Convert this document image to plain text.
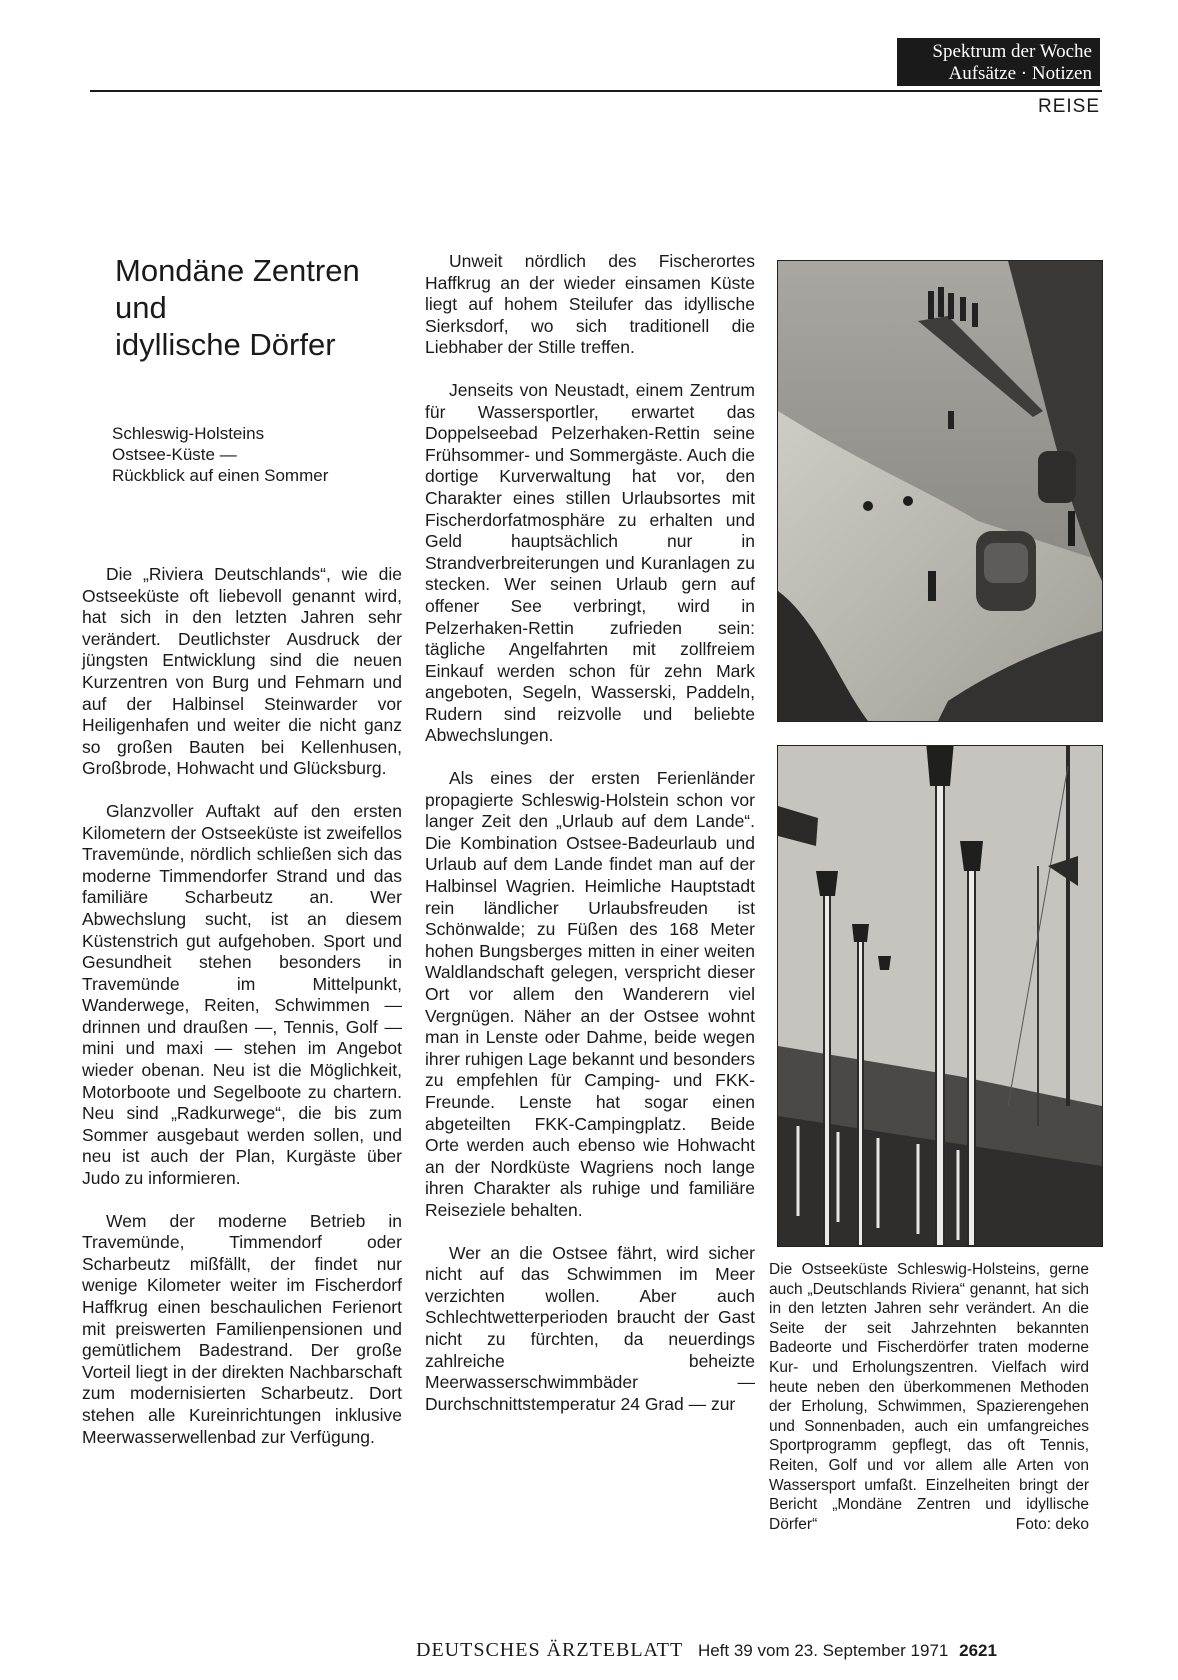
Spektrum der Woche
Aufsätze · Notizen
REISE
Mondäne Zentren
und
idyllische Dörfer
Schleswig-Holsteins
Ostsee-Küste —
Rückblick auf einen Sommer

Die „Riviera Deutschlands“, wie die Ostseeküste oft liebevoll genannt wird, hat sich in den letzten Jahren sehr verändert. Deutlichster Ausdruck der jüngsten Entwicklung sind die neuen Kurzentren von Burg und Fehmarn und auf der Halbinsel Steinwarder vor Heiligenhafen und weiter die nicht ganz so großen Bauten bei Kellenhusen, Großbrode, Hohwacht und Glücksburg.

Glanzvoller Auftakt auf den ersten Kilometern der Ostseeküste ist zweifellos Travemünde, nördlich schließen sich das moderne Timmendorfer Strand und das familiäre Scharbeutz an. Wer Abwechslung sucht, ist an diesem Küstenstrich gut aufgehoben. Sport und Gesundheit stehen besonders in Travemünde im Mittelpunkt, Wanderwege, Reiten, Schwimmen — drinnen und draußen —, Tennis, Golf — mini und maxi — stehen im Angebot wieder obenan. Neu ist die Möglichkeit, Motorboote und Segelboote zu chartern. Neu sind „Radkurwege“, die bis zum Sommer ausgebaut werden sollen, und neu ist auch der Plan, Kurgäste über Judo zu informieren.

Wem der moderne Betrieb in Travemünde, Timmendorf oder Scharbeutz mißfällt, der findet nur wenige Kilometer weiter im Fischerdorf Haffkrug einen beschaulichen Ferienort mit preiswerten Familienpensionen und gemütlichem Badestrand. Der große Vorteil liegt in der direkten Nachbarschaft zum modernisierten Scharbeutz. Dort stehen alle Kureinrichtungen inklusive Meerwasserwellenbad zur Verfügung.

Unweit nördlich des Fischerortes Haffkrug an der wieder einsamen Küste liegt auf hohem Steilufer das idyllische Sierksdorf, wo sich traditionell die Liebhaber der Stille treffen.

Jenseits von Neustadt, einem Zentrum für Wassersportler, erwartet das Doppelseebad Pelzerhaken-Rettin seine Frühsommer- und Sommergäste. Auch die dortige Kurverwaltung hat vor, den Charakter eines stillen Urlaubsortes mit Fischerdorfatmosphäre zu erhalten und Geld hauptsächlich nur in Strandverbreiterungen und Kuranlagen zu stecken. Wer seinen Urlaub gern auf offener See verbringt, wird in Pelzerhaken-Rettin zufrieden sein: tägliche Angelfahrten mit zollfreiem Einkauf werden schon für zehn Mark angeboten, Segeln, Wasserski, Paddeln, Rudern sind reizvolle und beliebte Abwechslungen.

Als eines der ersten Ferienländer propagierte Schleswig-Holstein schon vor langer Zeit den „Urlaub auf dem Lande“. Die Kombination Ostsee-Badeurlaub und Urlaub auf dem Lande findet man auf der Halbinsel Wagrien. Heimliche Hauptstadt rein ländlicher Urlaubsfreuden ist Schönwalde; zu Füßen des 168 Meter hohen Bungsberges mitten in einer weiten Waldlandschaft gelegen, verspricht dieser Ort vor allem den Wanderern viel Vergnügen. Näher an der Ostsee wohnt man in Lenste oder Dahme, beide wegen ihrer ruhigen Lage bekannt und besonders zu empfehlen für Camping- und FKK-Freunde. Lenste hat sogar einen abgeteilten FKK-Campingplatz. Beide Orte werden auch ebenso wie Hohwacht an der Nordküste Wagriens noch lange ihren Charakter als ruhige und familiäre Reiseziele behalten.

Wer an die Ostsee fährt, wird sicher nicht auf das Schwimmen im Meer verzichten wollen. Aber auch Schlechtwetterperioden braucht der Gast nicht zu fürchten, da neuerdings zahlreiche beheizte Meerwasserschwimmbäder — Durchschnittstemperatur 24 Grad — zur

Die Ostseeküste Schleswig-Holsteins, gerne auch „Deutschlands Riviera“ genannt, hat sich in den letzten Jahren sehr verändert. An die Seite der seit Jahrzehnten bekannten Badeorte und Fischerdörfer traten moderne Kur- und Erholungszentren. Vielfach wird heute neben den überkommenen Methoden der Erholung, Schwimmen, Spazierengehen und Sonnenbaden, auch ein umfangreiches Sportprogramm gepflegt, das oft Tennis, Reiten, Golf und vor allem alle Arten von Wassersport umfaßt. Einzelheiten bringt der Bericht „Mondäne Zentren und idyllische Dörfer“	Foto: deko
DEUTSCHES ÄRZTEBLATT Heft 39 vom 23. September 1971 2621
